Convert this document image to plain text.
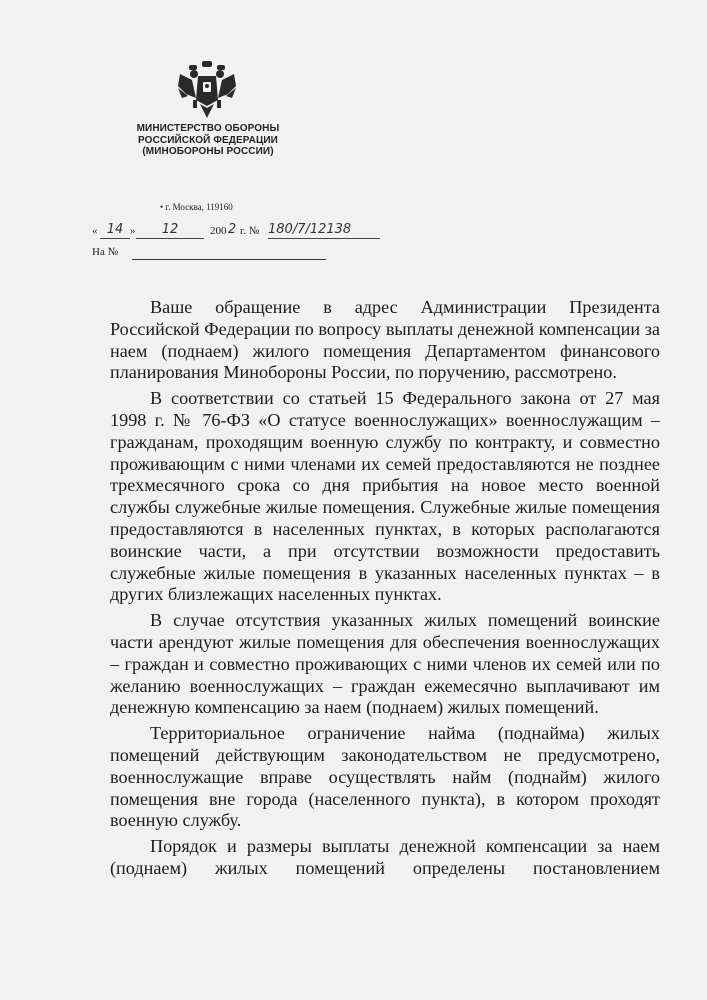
МИНИСТЕРСТВО ОБОРОНЫ
РОССИЙСКОЙ ФЕДЕРАЦИИ
(МИНОБОРОНЫ РОССИИ)
• г. Москва, 119160
« 14 »	12	200 2 г. № 180/7/12138
На №

Ваше обращение в адрес Администрации Президента Российской Федерации по вопросу выплаты денежной компенсации за наем (поднаем) жилого помещения Департаментом финансового планирования Минобороны России, по поручению, рассмотрено.

В соответствии со статьей 15 Федерального закона от 27 мая 1998 г. № 76-ФЗ «О статусе военнослужащих» военнослужащим – гражданам, проходящим военную службу по контракту, и совместно проживающим с ними членами их семей предоставляются не позднее трехмесячного срока со дня прибытия на новое место военной службы служебные жилые помещения. Служебные жилые помещения предоставляются в населенных пунктах, в которых располагаются воинские части, а при отсутствии возможности предоставить служебные жилые помещения в указанных населенных пунктах – в других близлежащих населенных пунктах.

В случае отсутствия указанных жилых помещений воинские части арендуют жилые помещения для обеспечения военнослужащих – граждан и совместно проживающих с ними членов их семей или по желанию военнослужащих – граждан ежемесячно выплачивают им денежную компенсацию за наем (поднаем) жилых помещений.

Территориальное ограничение найма (поднайма) жилых помещений действующим законодательством не предусмотрено, военнослужащие вправе осуществлять найм (поднайм) жилого помещения вне города (населенного пункта), в котором проходят военную службу.

Порядок и размеры выплаты денежной компенсации за наем (поднаем) жилых помещений определены постановлением
